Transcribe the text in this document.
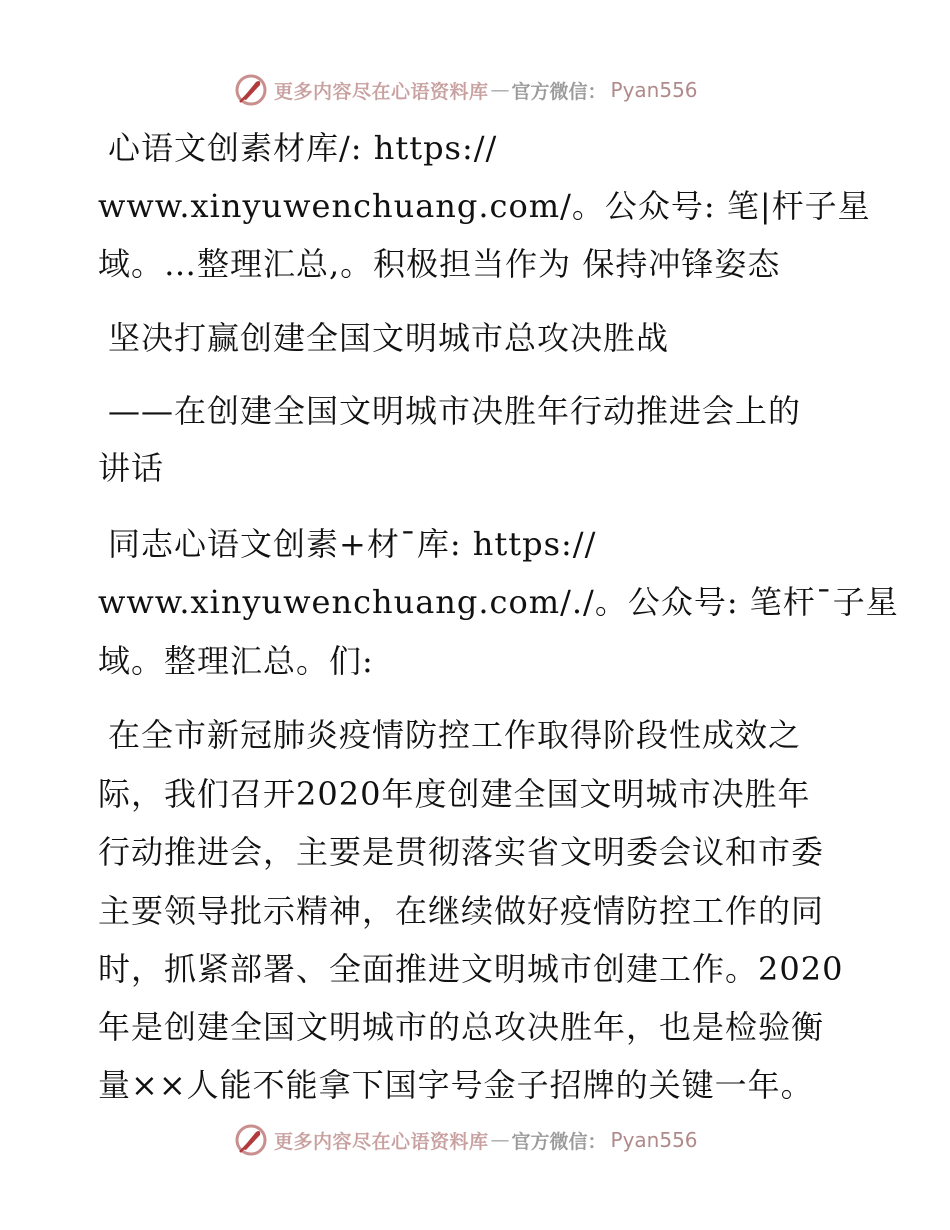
更多内容尽在心语资料库 — 官方微信： Pyan556
心语文创素材库/: https://
www.xinyuwenchuang.com/。公众号: 笔|杆子星
域。…整理汇总,。积极担当作为 保持冲锋姿态
坚决打赢创建全国文明城市总攻决胜战
——在创建全国文明城市决胜年行动推进会上的
讲话
同志心语文创素+材¯库: https://
www.xinyuwenchuang.com/./。公众号: 笔杆¯子星
域。整理汇总。们:
在全市新冠肺炎疫情防控工作取得阶段性成效之
际，我们召开2020年度创建全国文明城市决胜年
行动推进会，主要是贯彻落实省文明委会议和市委
主要领导批示精神，在继续做好疫情防控工作的同
时，抓紧部署、全面推进文明城市创建工作。2020
年是创建全国文明城市的总攻决胜年，也是检验衡
量××人能不能拿下国字号金子招牌的关键一年。
更多内容尽在心语资料库 — 官方微信： Pyan556
